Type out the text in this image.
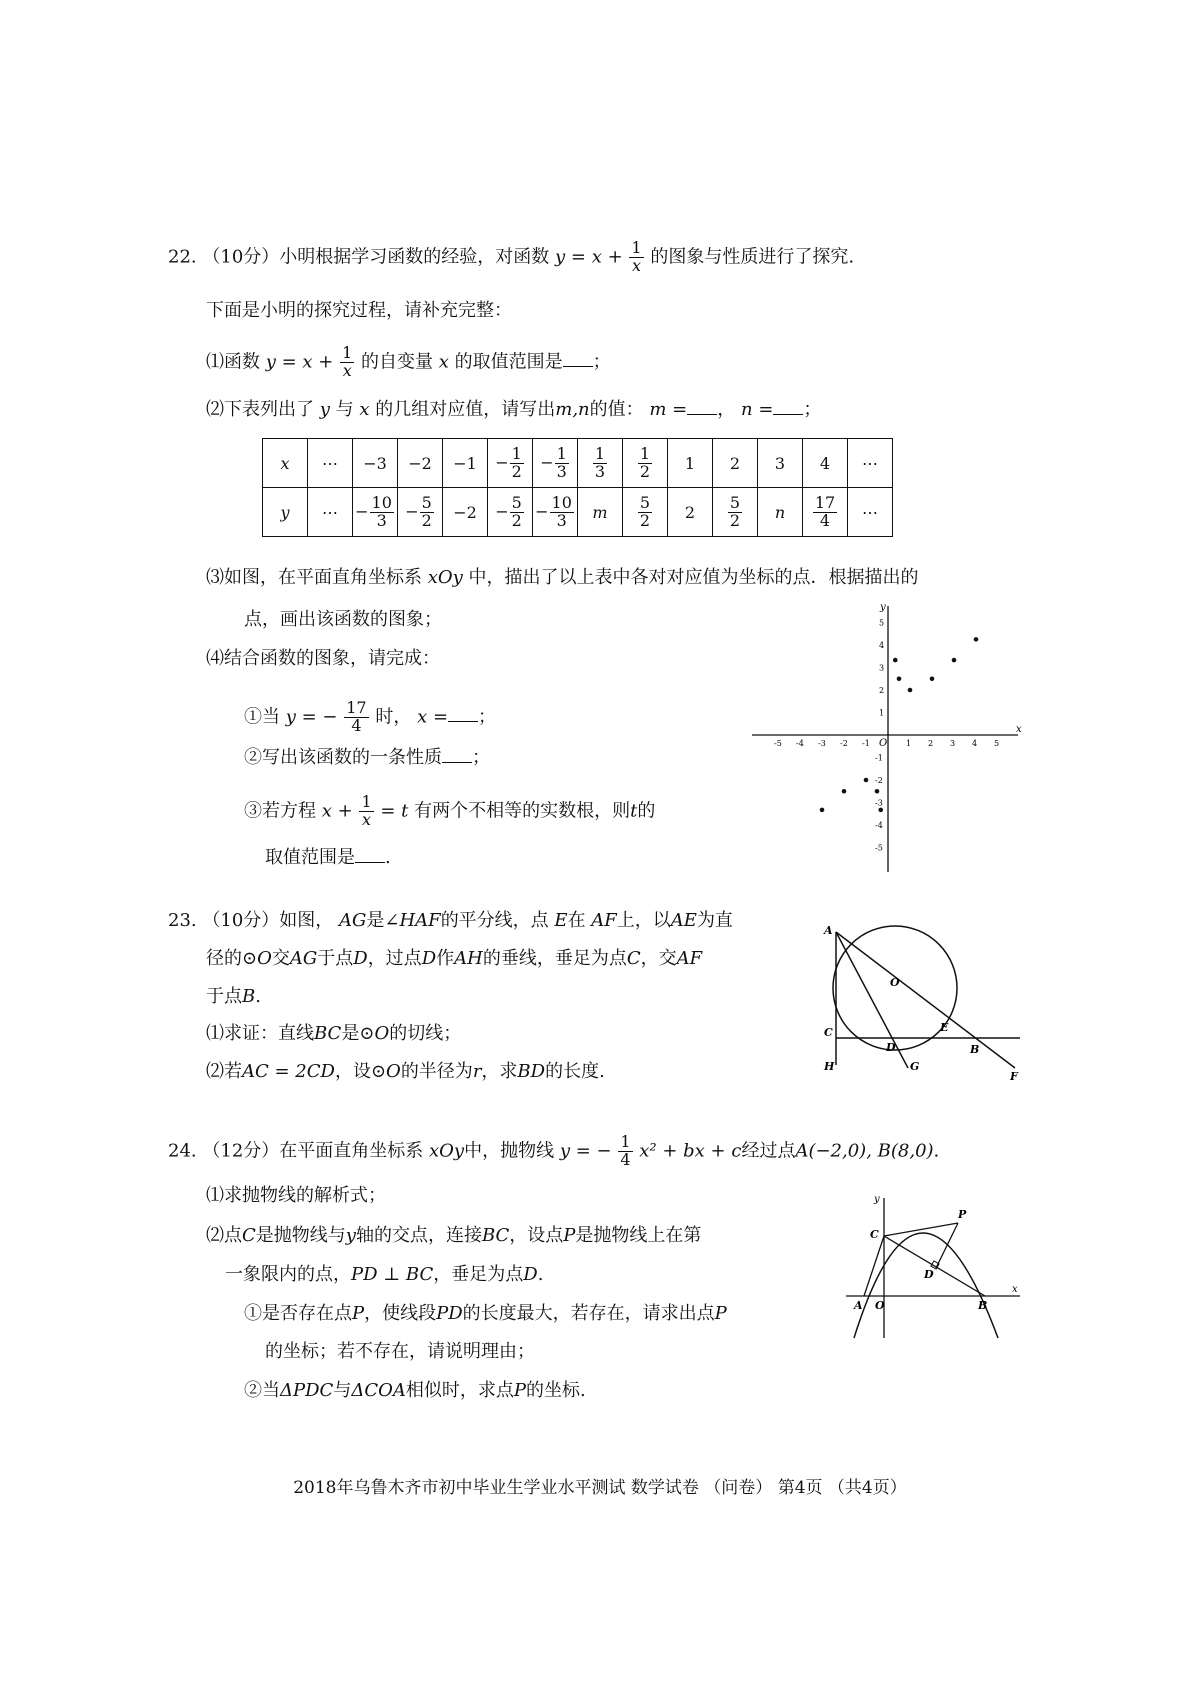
22. （10分）小明根据学习函数的经验，对函数 $y = x + \frac{1}{x}$ 的图象与性质进行了探究.
下面是小明的探究过程，请补充完整：
⑴函数 $y = x + \frac{1}{x}$ 的自变量 x 的取值范围是 ；
⑵下表列出了 y 与 x 的几组对应值，请写出m,n的值： m = ， n = ；
x	⋯	−3	−2	−1	− $\frac{1}{2}$	− $\frac{1}{3}$	$\frac{1}{3}$	$\frac{1}{2}$	1	2	3	4	⋯
y	⋯	− $\frac{10}{3}$	− $\frac{5}{2}$	−2	− $\frac{5}{2}$	− $\frac{10}{3}$	m	$\frac{5}{2}$	2	$\frac{5}{2}$	n	$\frac{17}{4}$	⋯
⑶如图，在平面直角坐标系 xOy 中，描出了以上表中各对对应值为坐标的点．根据描出的
点，画出该函数的图象；
⑷结合函数的图象，请完成：
①当 y = − $\frac{17}{4}$ 时， x = ；
②写出该函数的一条性质 ；
③若方程 $x + \frac{1}{x} = t$ 有两个不相等的实数根，则t的
取值范围是 .
x
y
O
-5 -4 -3 -2 -1	1 2 3 4 5
5
4
3
2
1
-1
-2
-3
-4
-5
23. （10分）如图， AG是∠HAF的平分线，点 E在 AF上，以AE为直
径的⊙O交AG于点D，过点D作AH的垂线，垂足为点C，交AF
于点B.
⑴求证：直线BC是⊙O的切线；
⑵若AC = 2CD，设⊙O的半径为r，求BD的长度.
A
O
E
C
D	B
H	G
F
24. （12分）在平面直角坐标系 xOy中，抛物线 y = − $\frac{1}{4} x^2$ + bx + c经过点A(−2,0), B(8,0).
⑴求抛物线的解析式；
⑵点C是抛物线与y轴的交点，连接BC，设点P是抛物线上在第
一象限内的点，PD ⊥ BC，垂足为点D.
①是否存在点P，使线段PD的长度最大，若存在，请求出点P
的坐标；若不存在，请说明理由；
②当ΔPDC与ΔCOA相似时，求点P的坐标.
y
P
C
D
A O	B
x
2018年乌鲁木齐市初中毕业生学业水平测试 数学试卷 （问卷） 第4页 （共4页）
